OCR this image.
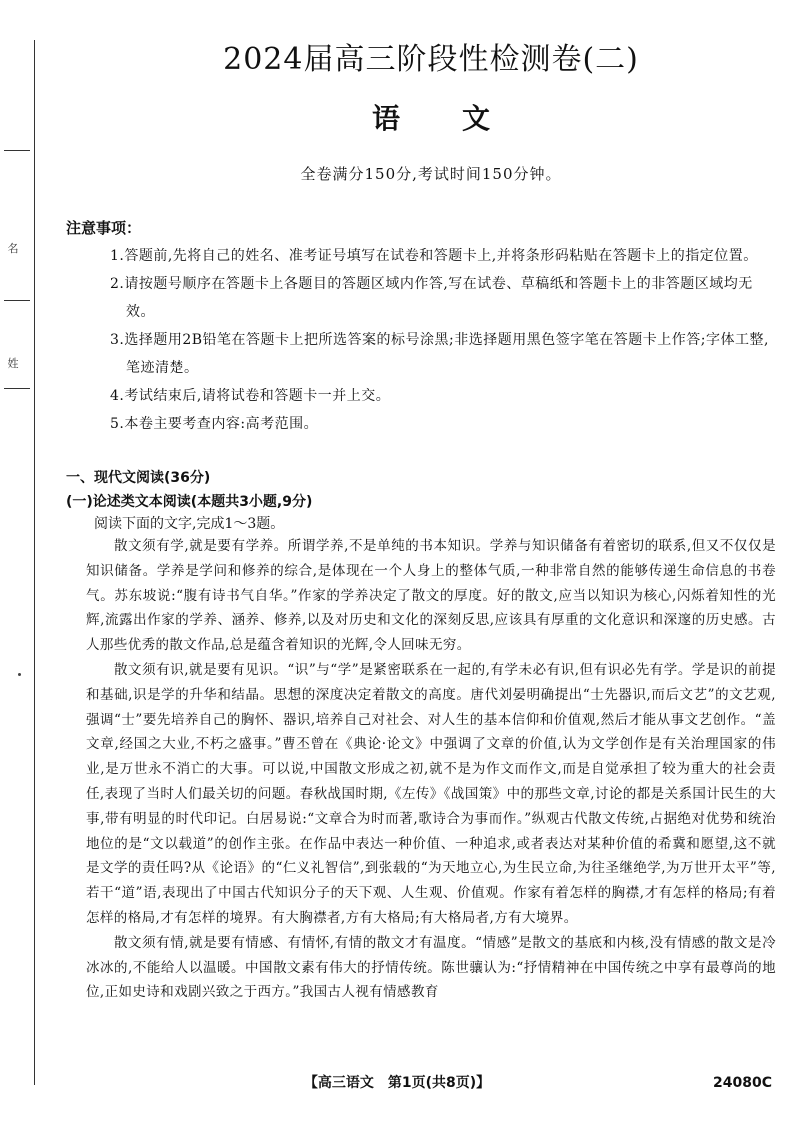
名
姓
2024届高三阶段性检测卷(二)
语文

全卷满分150分,考试时间150分钟。

注意事项：

1.答题前,先将自己的姓名、准考证号填写在试卷和答题卡上,并将条形码粘贴在答题卡上的指定位置。

2.请按题号顺序在答题卡上各题目的答题区域内作答,写在试卷、草稿纸和答题卡上的非答题区域均无效。

3.选择题用2B铅笔在答题卡上把所选答案的标号涂黑;非选择题用黑色签字笔在答题卡上作答;字体工整,笔迹清楚。

4.考试结束后,请将试卷和答题卡一并上交。

5.本卷主要考查内容:高考范围。

一、现代文阅读(36分)
(一)论述类文本阅读(本题共3小题,9分)

阅读下面的文字,完成1～3题。

散文须有学,就是要有学养。所谓学养,不是单纯的书本知识。学养与知识储备有着密切的联系,但又不仅仅是知识储备。学养是学问和修养的综合,是体现在一个人身上的整体气质,一种非常自然的能够传递生命信息的书卷气。苏东坡说:“腹有诗书气自华。”作家的学养决定了散文的厚度。好的散文,应当以知识为核心,闪烁着知性的光辉,流露出作家的学养、涵养、修养,以及对历史和文化的深刻反思,应该具有厚重的文化意识和深邃的历史感。古人那些优秀的散文作品,总是蕴含着知识的光辉,令人回味无穷。

散文须有识,就是要有见识。“识”与“学”是紧密联系在一起的,有学未必有识,但有识必先有学。学是识的前提和基础,识是学的升华和结晶。思想的深度决定着散文的高度。唐代刘晏明确提出“士先器识,而后文艺”的文艺观,强调“士”要先培养自己的胸怀、器识,培养自己对社会、对人生的基本信仰和价值观,然后才能从事文艺创作。“盖文章,经国之大业,不朽之盛事。”曹丕曾在《典论·论文》中强调了文章的价值,认为文学创作是有关治理国家的伟业,是万世永不消亡的大事。可以说,中国散文形成之初,就不是为作文而作文,而是自觉承担了较为重大的社会责任,表现了当时人们最关切的问题。春秋战国时期,《左传》《战国策》中的那些文章,讨论的都是关系国计民生的大事,带有明显的时代印记。白居易说:“文章合为时而著,歌诗合为事而作。”纵观古代散文传统,占据绝对优势和统治地位的是“文以载道”的创作主张。在作品中表达一种价值、一种追求,或者表达对某种价值的希冀和愿望,这不就是文学的责任吗?从《论语》的“仁义礼智信”,到张载的“为天地立心,为生民立命,为往圣继绝学,为万世开太平”等,若干“道”语,表现出了中国古代知识分子的天下观、人生观、价值观。作家有着怎样的胸襟,才有怎样的格局;有着怎样的格局,才有怎样的境界。有大胸襟者,方有大格局;有大格局者,方有大境界。

散文须有情,就是要有情感、有情怀,有情的散文才有温度。“情感”是散文的基底和内核,没有情感的散文是冷冰冰的,不能给人以温暖。中国散文素有伟大的抒情传统。陈世骧认为:“抒情精神在中国传统之中享有最尊尚的地位,正如史诗和戏剧兴致之于西方。”我国古人视有情感教育

【高三语文　第1页(共8页)】	24080C
